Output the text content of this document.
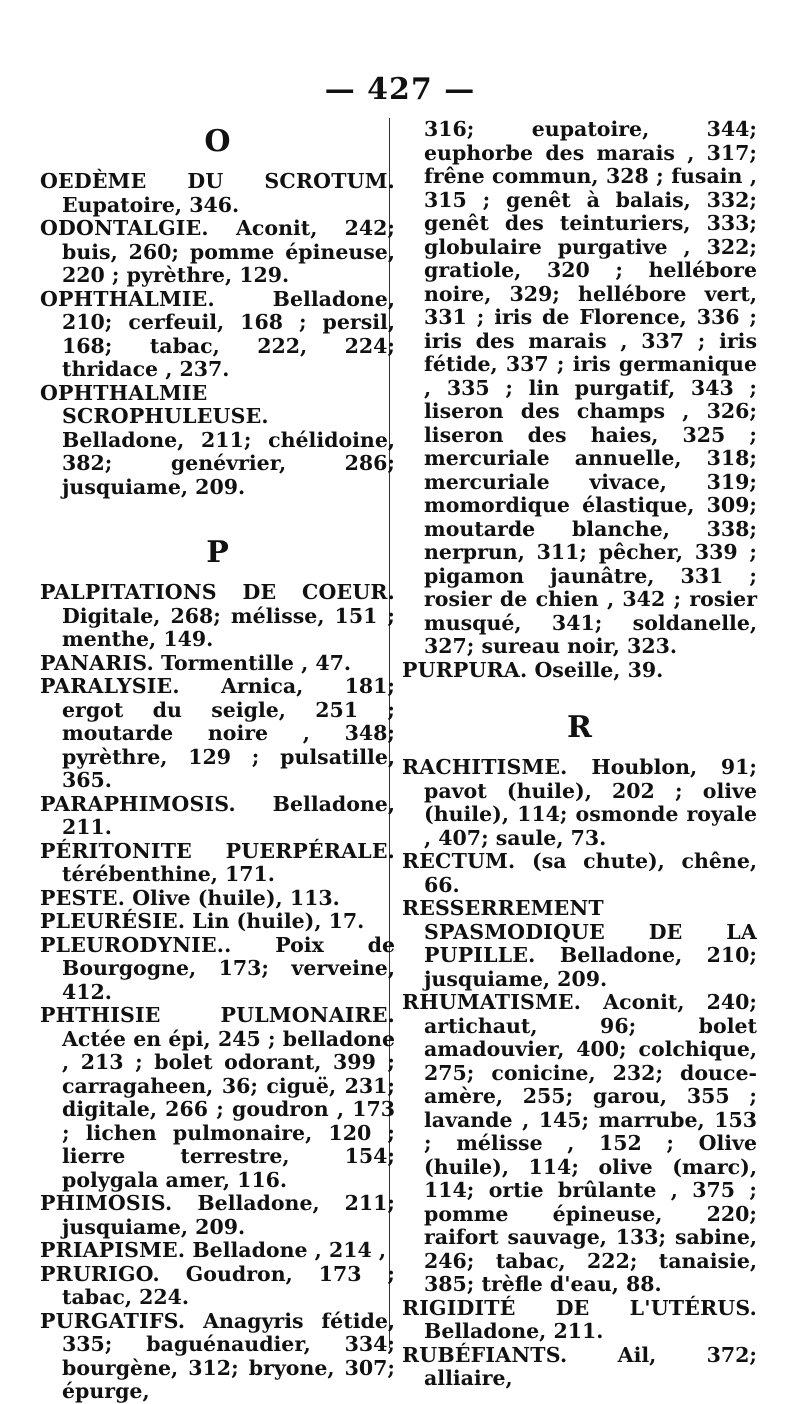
— 427 —
O

OEDÈME DU SCROTUM. Eupatoire, 346.

ODONTALGIE. Aconit, 242; buis, 260; pomme épineuse, 220 ; pyrèthre, 129.

OPHTHALMIE. Belladone, 210; cerfeuil, 168 ; persil, 168; tabac, 222, 224; thridace , 237.

OPHTHALMIE SCROPHULEUSE. Belladone, 211; chélidoine, 382; genévrier, 286; jusquiame, 209.

P

PALPITATIONS DE COEUR. Digitale, 268; mélisse, 151 ; menthe, 149.

PANARIS. Tormentille , 47.

PARALYSIE. Arnica, 181; ergot du seigle, 251 ; moutarde noire , 348; pyrèthre, 129 ; pulsatille, 365.

PARAPHIMOSIS. Belladone, 211.

PÉRITONITE PUERPÉRALE. térébenthine, 171.

PESTE. Olive (huile), 113.

PLEURÉSIE. Lin (huile), 17.

PLEURODYNIE.. Poix de Bourgogne, 173; verveine, 412.

PHTHISIE PULMONAIRE. Actée en épi, 245 ; belladone , 213 ; bolet odorant, 399 ; carragaheen, 36; ciguë, 231; digitale, 266 ; goudron , 173 ; lichen pulmonaire, 120 ; lierre terrestre, 154; polygala amer, 116.

PHIMOSIS. Belladone, 211; jusquiame, 209.

PRIAPISME. Belladone , 214 ,

PRURIGO. Goudron, 173 ; tabac, 224.

PURGATIFS. Anagyris fétide, 335; baguénaudier, 334; bourgène, 312; bryone, 307; épurge,

316; eupatoire, 344; euphorbe des marais , 317; frêne commun, 328 ; fusain , 315 ; genêt à balais, 332; genêt des teinturiers, 333; globulaire purgative , 322; gratiole, 320 ; hellébore noire, 329; hellébore vert, 331 ; iris de Florence, 336 ; iris des marais , 337 ; iris fétide, 337 ; iris germanique , 335 ; lin purgatif, 343 ; liseron des champs , 326; liseron des haies, 325 ; mercuriale annuelle, 318; mercuriale vivace, 319; momordique élastique, 309; moutarde blanche, 338; nerprun, 311; pêcher, 339 ; pigamon jaunâtre, 331 ; rosier de chien , 342 ; rosier musqué, 341; soldanelle, 327; sureau noir, 323.

PURPURA. Oseille, 39.

R

RACHITISME. Houblon, 91; pavot (huile), 202 ; olive (huile), 114; osmonde royale , 407; saule, 73.

RECTUM. (sa chute), chêne, 66.

RESSERREMENT SPASMODIQUE DE LA PUPILLE. Belladone, 210; jusquiame, 209.

RHUMATISME. Aconit, 240; artichaut, 96; bolet amadouvier, 400; colchique, 275; conicine, 232; douce-amère, 255; garou, 355 ; lavande , 145; marrube, 153 ; mélisse , 152 ; Olive (huile), 114; olive (marc), 114; ortie brûlante , 375 ; pomme épineuse, 220; raifort sauvage, 133; sabine, 246; tabac, 222; tanaisie, 385; trèfle d'eau, 88.

RIGIDITÉ DE L'UTÉRUS. Belladone, 211.

RUBÉFIANTS. Ail, 372; alliaire,
